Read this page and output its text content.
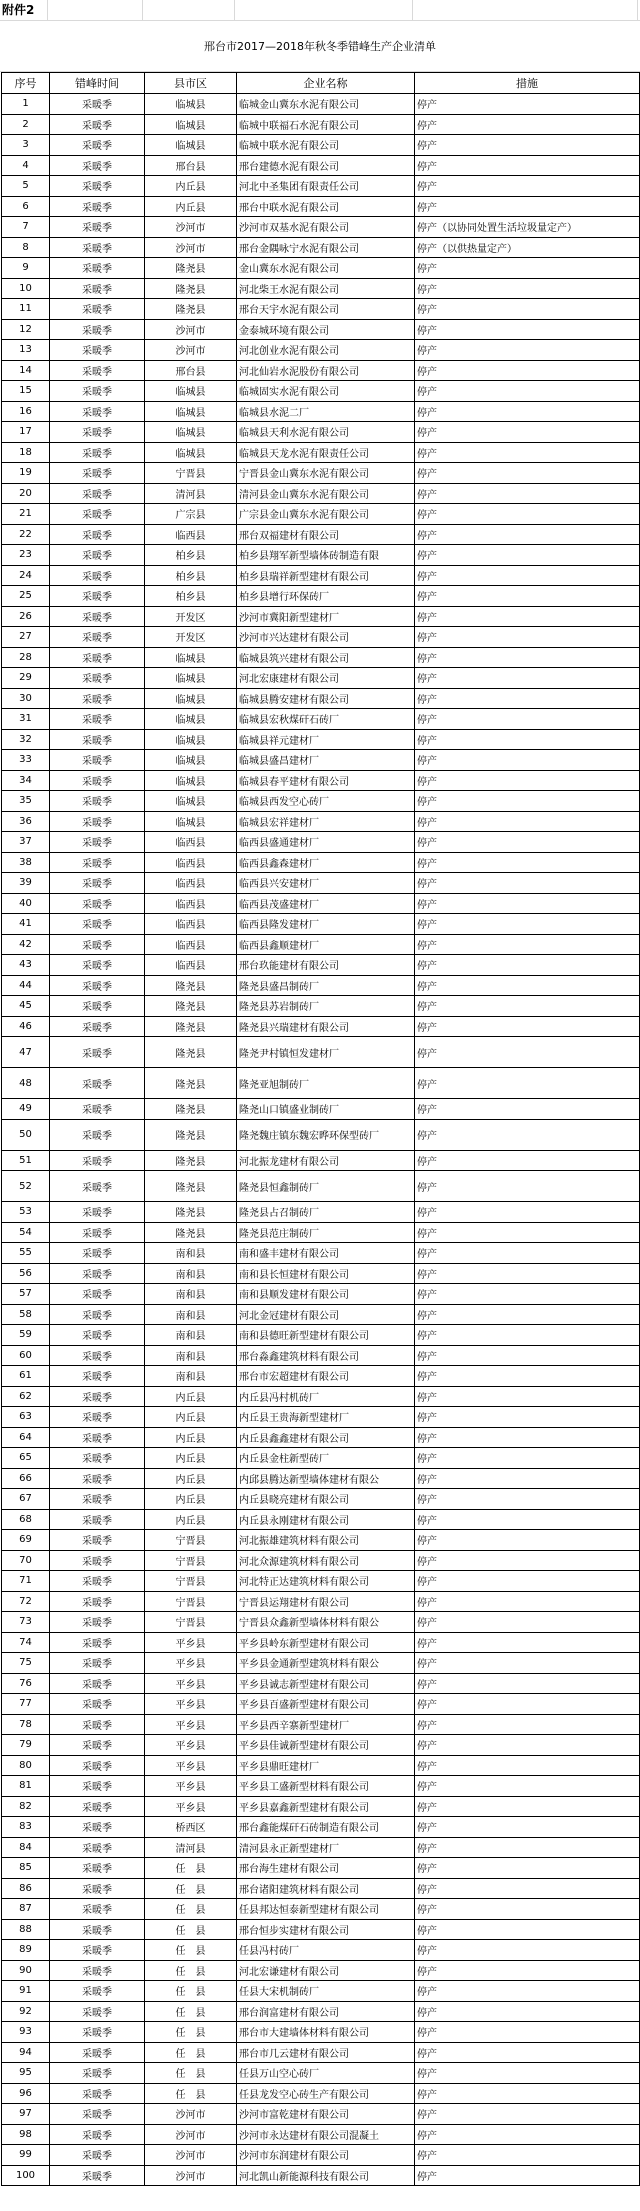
附件2
邢台市2017—2018年秋冬季错峰生产企业清单
序号	错峰时间	县市区	企业名称	措施
1	采暖季	临城县	临城金山冀东水泥有限公司	停产
2	采暖季	临城县	临城中联福石水泥有限公司	停产
3	采暖季	临城县	临城中联水泥有限公司	停产
4	采暖季	邢台县	邢台建德水泥有限公司	停产
5	采暖季	内丘县	河北中圣集团有限责任公司	停产
6	采暖季	内丘县	邢台中联水泥有限公司	停产
7	采暖季	沙河市	沙河市双基水泥有限公司	停产（以协同处置生活垃圾量定产）
8	采暖季	沙河市	邢台金隅咏宁水泥有限公司	停产（以供热量定产）
9	采暖季	隆尧县	金山冀东水泥有限公司	停产
10	采暖季	隆尧县	河北柴王水泥有限公司	停产
11	采暖季	隆尧县	邢台天宇水泥有限公司	停产
12	采暖季	沙河市	金泰城环境有限公司	停产
13	采暖季	沙河市	河北创业水泥有限公司	停产
14	采暖季	邢台县	河北仙岩水泥股份有限公司	停产
15	采暖季	临城县	临城固实水泥有限公司	停产
16	采暖季	临城县	临城县水泥二厂	停产
17	采暖季	临城县	临城县天利水泥有限公司	停产
18	采暖季	临城县	临城县天龙水泥有限责任公司	停产
19	采暖季	宁晋县	宁晋县金山冀东水泥有限公司	停产
20	采暖季	清河县	清河县金山冀东水泥有限公司	停产
21	采暖季	广宗县	广宗县金山冀东水泥有限公司	停产
22	采暖季	临西县	邢台双福建材有限公司	停产
23	采暖季	柏乡县	柏乡县翔军新型墙体砖制造有限	停产
24	采暖季	柏乡县	柏乡县瑞祥新型建材有限公司	停产
25	采暖季	柏乡县	柏乡县增行环保砖厂	停产
26	采暖季	开发区	沙河市冀阳新型建材厂	停产
27	采暖季	开发区	沙河市兴达建材有限公司	停产
28	采暖季	临城县	临城县筑兴建材有限公司	停产
29	采暖季	临城县	河北宏康建材有限公司	停产
30	采暖季	临城县	临城县腾安建材有限公司	停产
31	采暖季	临城县	临城县宏秋煤矸石砖厂	停产
32	采暖季	临城县	临城县祥元建材厂	停产
33	采暖季	临城县	临城县盛昌建材厂	停产
34	采暖季	临城县	临城县春平建材有限公司	停产
35	采暖季	临城县	临城县西发空心砖厂	停产
36	采暖季	临城县	临城县宏祥建材厂	停产
37	采暖季	临西县	临西县盛通建材厂	停产
38	采暖季	临西县	临西县鑫森建材厂	停产
39	采暖季	临西县	临西县兴安建材厂	停产
40	采暖季	临西县	临西县茂盛建材厂	停产
41	采暖季	临西县	临西县隆发建材厂	停产
42	采暖季	临西县	临西县鑫顺建材厂	停产
43	采暖季	临西县	邢台玖能建材有限公司	停产
44	采暖季	隆尧县	隆尧县盛昌制砖厂	停产
45	采暖季	隆尧县	隆尧县苏岩制砖厂	停产
46	采暖季	隆尧县	隆尧县兴瑞建材有限公司	停产
47	采暖季	隆尧县	隆尧尹村镇恒发建材厂	停产
48	采暖季	隆尧县	隆尧亚旭制砖厂	停产
49	采暖季	隆尧县	隆尧山口镇盛业制砖厂	停产
50	采暖季	隆尧县	隆尧魏庄镇东魏宏晔环保型砖厂	停产
51	采暖季	隆尧县	河北振龙建材有限公司	停产
52	采暖季	隆尧县	隆尧县恒鑫制砖厂	停产
53	采暖季	隆尧县	隆尧县占召制砖厂	停产
54	采暖季	隆尧县	隆尧县范庄制砖厂	停产
55	采暖季	南和县	南和盛丰建材有限公司	停产
56	采暖季	南和县	南和县长恒建材有限公司	停产
57	采暖季	南和县	南和县顺发建材有限公司	停产
58	采暖季	南和县	河北金冠建材有限公司	停产
59	采暖季	南和县	南和县德旺新型建材有限公司	停产
60	采暖季	南和县	邢台淼鑫建筑材料有限公司	停产
61	采暖季	南和县	邢台市宏超建材有限公司	停产
62	采暖季	内丘县	内丘县冯村机砖厂	停产
63	采暖季	内丘县	内丘县王贵海新型建材厂	停产
64	采暖季	内丘县	内丘县鑫鑫建材有限公司	停产
65	采暖季	内丘县	内丘县金柱新型砖厂	停产
66	采暖季	内丘县	内邱县腾达新型墙体建材有限公	停产
67	采暖季	内丘县	内丘县晓亮建材有限公司	停产
68	采暖季	内丘县	内丘县永刚建材有限公司	停产
69	采暖季	宁晋县	河北振雄建筑材料有限公司	停产
70	采暖季	宁晋县	河北众源建筑材料有限公司	停产
71	采暖季	宁晋县	河北特正达建筑材料有限公司	停产
72	采暖季	宁晋县	宁晋县运翔建材有限公司	停产
73	采暖季	宁晋县	宁晋县众鑫新型墙体材料有限公	停产
74	采暖季	平乡县	平乡县岭东新型建材有限公司	停产
75	采暖季	平乡县	平乡县金通新型建筑材料有限公	停产
76	采暖季	平乡县	平乡县诚志新型建材有限公司	停产
77	采暖季	平乡县	平乡县百盛新型建材有限公司	停产
78	采暖季	平乡县	平乡县西辛寨新型建材厂	停产
79	采暖季	平乡县	平乡县佳诚新型建材有限公司	停产
80	采暖季	平乡县	平乡县鼎旺建材厂	停产
81	采暖季	平乡县	平乡县工盛新型材料有限公司	停产
82	采暖季	平乡县	平乡县嘉鑫新型建材有限公司	停产
83	采暖季	桥西区	邢台鑫能煤矸石砖制造有限公司	停产
84	采暖季	清河县	清河县永正新型建材厂	停产
85	采暖季	任　县	邢台海生建材有限公司	停产
86	采暖季	任　县	邢台诸阳建筑材料有限公司	停产
87	采暖季	任　县	任县邦达恒泰新型建材有限公司	停产
88	采暖季	任　县	邢台恒步实建材有限公司	停产
89	采暖季	任　县	任县冯村砖厂	停产
90	采暖季	任　县	河北宏谦建材有限公司	停产
91	采暖季	任　县	任县大宋机制砖厂	停产
92	采暖季	任　县	邢台润富建材有限公司	停产
93	采暖季	任　县	邢台市大建墙体材料有限公司	停产
94	采暖季	任　县	邢台市几云建材有限公司	停产
95	采暖季	任　县	任县万山空心砖厂	停产
96	采暖季	任　县	任县龙发空心砖生产有限公司	停产
97	采暖季	沙河市	沙河市富乾建材有限公司	停产
98	采暖季	沙河市	沙河市永达建材有限公司混凝土	停产
99	采暖季	沙河市	沙河市东润建材有限公司	停产
100	采暖季	沙河市	河北凯山新能源科技有限公司	停产
